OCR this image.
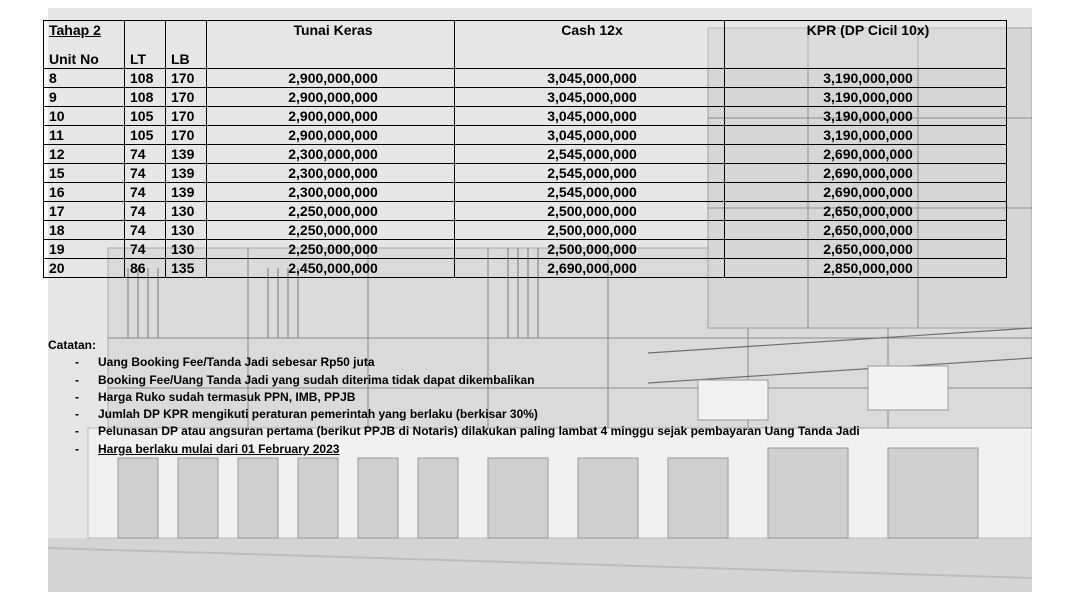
Tahap 2
Unit No	LT	LB	Tunai Keras	Cash 12x	KPR (DP Cicil 10x)
8	108	170	2,900,000,000	3,045,000,000	3,190,000,000
9	108	170	2,900,000,000	3,045,000,000	3,190,000,000
10	105	170	2,900,000,000	3,045,000,000	3,190,000,000
11	105	170	2,900,000,000	3,045,000,000	3,190,000,000
12	74	139	2,300,000,000	2,545,000,000	2,690,000,000
15	74	139	2,300,000,000	2,545,000,000	2,690,000,000
16	74	139	2,300,000,000	2,545,000,000	2,690,000,000
17	74	130	2,250,000,000	2,500,000,000	2,650,000,000
18	74	130	2,250,000,000	2,500,000,000	2,650,000,000
19	74	130	2,250,000,000	2,500,000,000	2,650,000,000
20	86	135	2,450,000,000	2,690,000,000	2,850,000,000
Catatan:
- Uang Booking Fee/Tanda Jadi sebesar Rp50 juta
- Booking Fee/Uang Tanda Jadi yang sudah diterima tidak dapat dikembalikan
- Harga Ruko sudah termasuk PPN, IMB, PPJB
- Jumlah DP KPR mengikuti peraturan pemerintah yang berlaku (berkisar 30%)
- Pelunasan DP atau angsuran pertama (berikut PPJB di Notaris) dilakukan paling lambat 4 minggu sejak pembayaran Uang Tanda Jadi
- Harga berlaku mulai dari 01 February 2023
